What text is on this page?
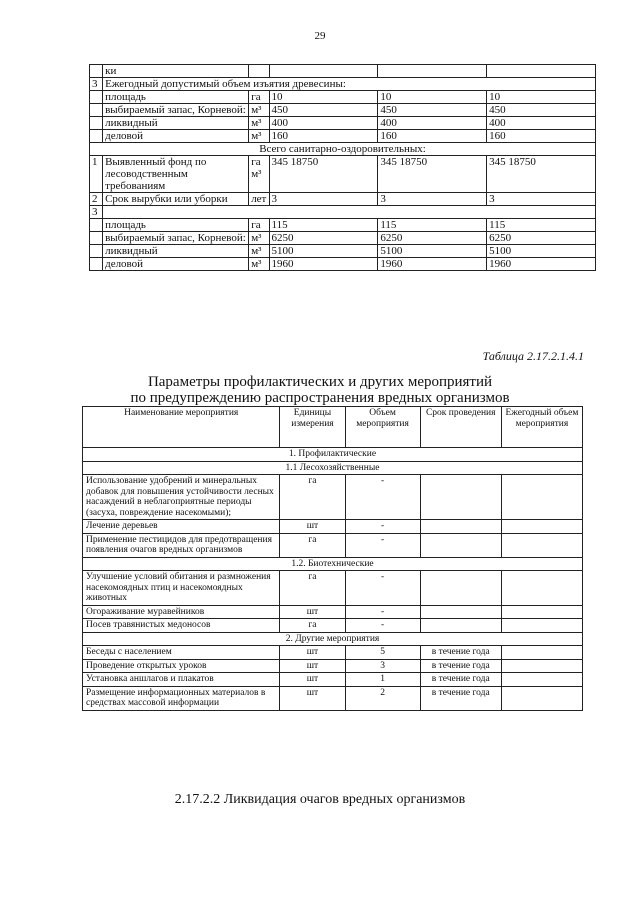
29
	ки				
3	Ежегодный допустимый объем изъятия древесины:				
	площадь	га	10	10	10
	выбираемый запас, Корневой:	м³	450	450	450
	ликвидный	м³	400	400	400
	деловой	м³	160	160	160
Всего санитарно-оздоровительных:					
1	Выявленный фонд по лесоводственным требованиям	га м³	345 18750	345 18750	345 18750
2	Срок вырубки или уборки	лет	3	3	3
3					
	площадь	га	115	115	115
	выбираемый запас, Корневой:	м³	6250	6250	6250
	ликвидный	м³	5100	5100	5100
	деловой	м³	1960	1960	1960
Таблица 2.17.2.1.4.1
Параметры профилактических и других мероприятий
по предупреждению распространения вредных организмов
Наименование мероприятия	Единицы измерения	Объем мероприятия	Срок проведения	Ежегодный объем мероприятия
1. Профилактические				
1.1 Лесохозяйственные				
Использование удобрений и минеральных добавок для повышения устойчивости лесных насаждений в неблагоприятные периоды (засуха, повреждение насекомыми);	га	-		
Лечение деревьев	шт	-		
Применение пестицидов для предотвращения появления очагов вредных организмов	га	-		
1.2. Биотехнические				
Улучшение условий обитания и размножения насекомоядных птиц и насекомоядных животных	га	-		
Огораживание муравейников	шт	-		
Посев травянистых медоносов	га	-		
2. Другие мероприятия				
Беседы с населением	шт	5	в течение года	
Проведение открытых уроков	шт	3	в течение года	
Установка аншлагов и плакатов	шт	1	в течение года	
Размещение информационных материалов в средствах массовой информации	шт	2	в течение года	
2.17.2.2 Ликвидация очагов вредных организмов
